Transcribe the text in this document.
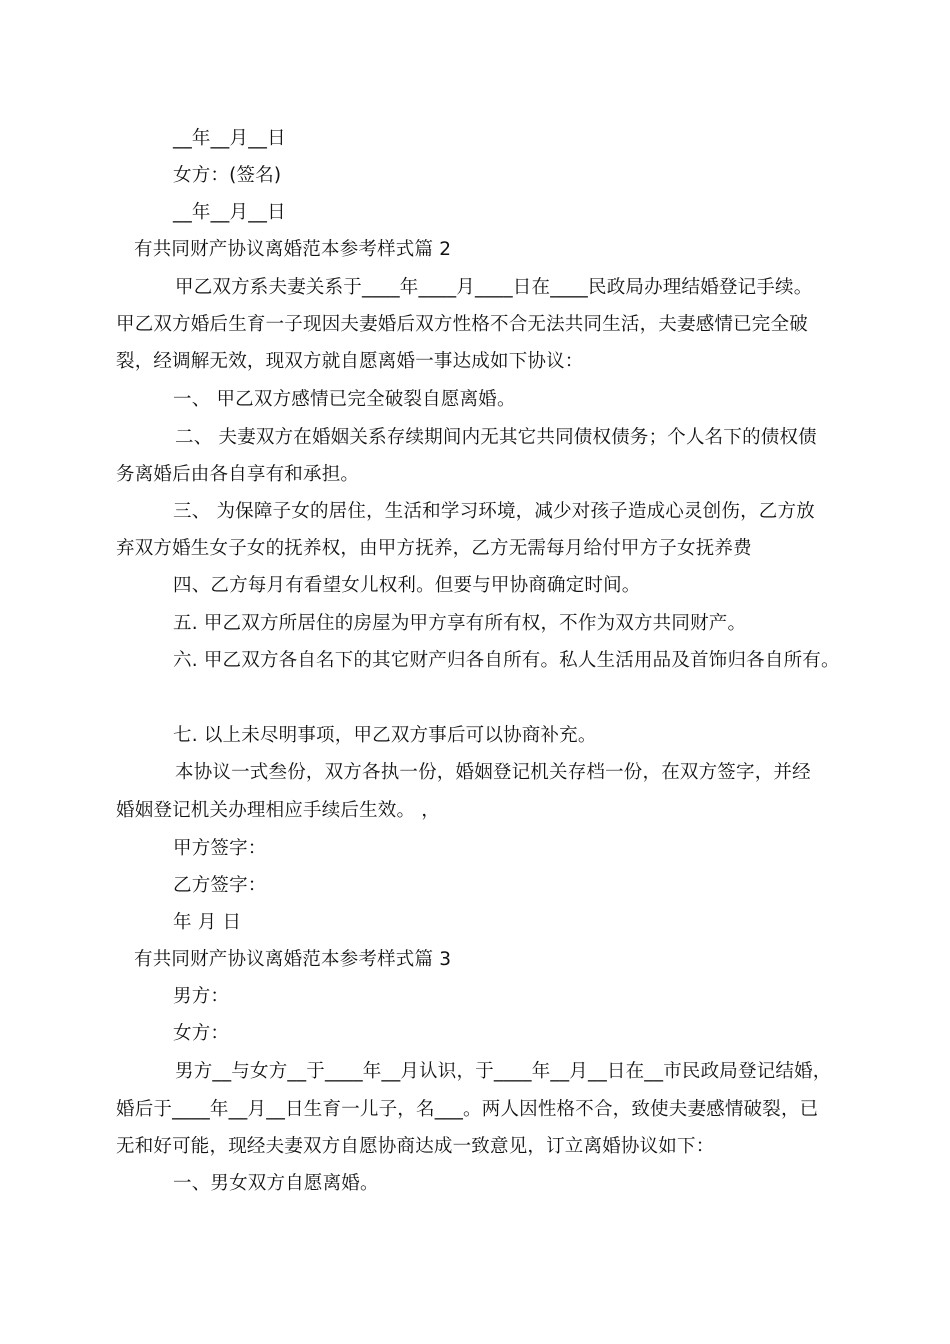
__年__月__日
女方：(签名)
__年__月__日
有共同财产协议离婚范本参考样式篇 2
甲乙双方系夫妻关系于____年____月____日在____民政局办理结婚登记手续。
甲乙双方婚后生育一子现因夫妻婚后双方性格不合无法共同生活，夫妻感情已完全破
裂，经调解无效，现双方就自愿离婚一事达成如下协议：
一、 甲乙双方感情已完全破裂自愿离婚。
二、 夫妻双方在婚姻关系存续期间内无其它共同债权债务；个人名下的债权债
务离婚后由各自享有和承担。
三、 为保障子女的居住，生活和学习环境，减少对孩子造成心灵创伤，乙方放
弃双方婚生女子女的抚养权，由甲方抚养，乙方无需每月给付甲方子女抚养费
四、乙方每月有看望女儿权利。但要与甲协商确定时间。
五. 甲乙双方所居住的房屋为甲方享有所有权，不作为双方共同财产。
六. 甲乙双方各自名下的其它财产归各自所有。私人生活用品及首饰归各自所有。
七. 以上未尽明事项，甲乙双方事后可以协商补充。
本协议一式叁份，双方各执一份，婚姻登记机关存档一份，在双方签字，并经
婚姻登记机关办理相应手续后生效。 ，
甲方签字：
乙方签字：
年 月 日
有共同财产协议离婚范本参考样式篇 3
男方：
女方：
男方__与女方__于____年__月认识，于____年__月__日在__市民政局登记结婚，
婚后于____年__月__日生育一儿子，名___。两人因性格不合，致使夫妻感情破裂，已
无和好可能，现经夫妻双方自愿协商达成一致意见，订立离婚协议如下：
一、男女双方自愿离婚。
